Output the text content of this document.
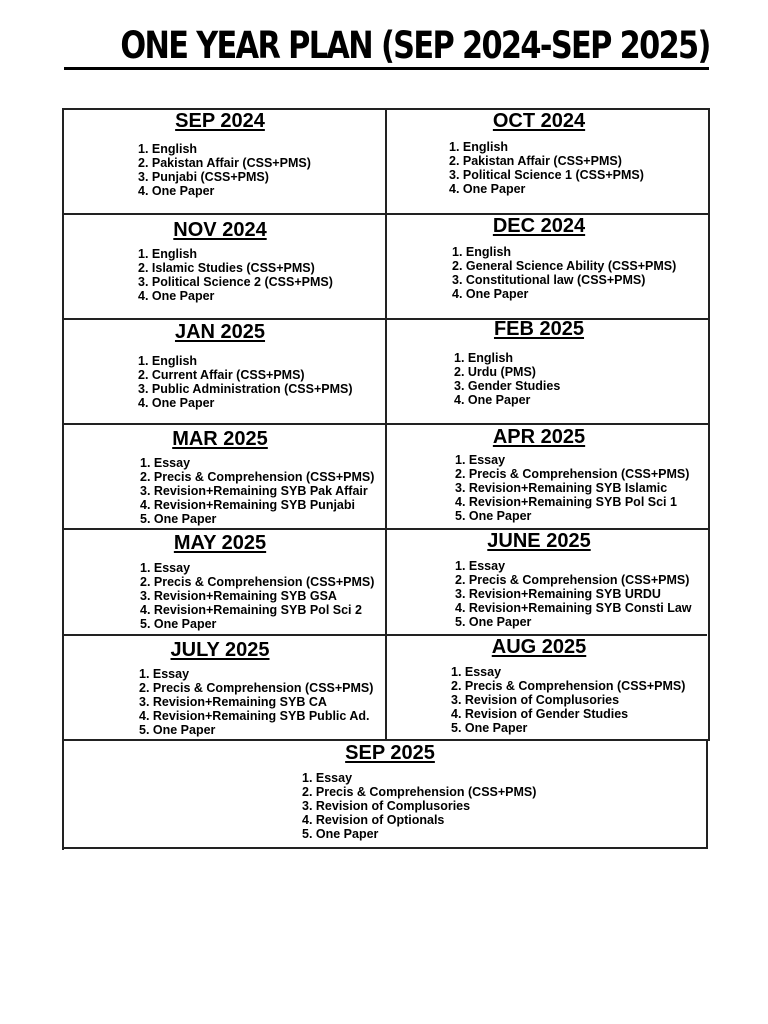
ONE YEAR PLAN (SEP 2024-SEP 2025)
SEP 2024
1. English
2. Pakistan Affair (CSS+PMS)
3. Punjabi (CSS+PMS)
4. One Paper
OCT 2024
1. English
2. Pakistan Affair (CSS+PMS)
3. Political Science 1 (CSS+PMS)
4. One Paper
NOV 2024
1. English
2. Islamic Studies (CSS+PMS)
3. Political Science 2 (CSS+PMS)
4. One Paper
DEC 2024
1. English
2. General Science Ability (CSS+PMS)
3. Constitutional law (CSS+PMS)
4. One Paper
JAN 2025
1. English
2. Current Affair (CSS+PMS)
3. Public Administration (CSS+PMS)
4. One Paper
FEB 2025
1. English
2. Urdu (PMS)
3. Gender Studies
4. One Paper
MAR 2025
1. Essay
2. Precis & Comprehension (CSS+PMS)
3. Revision+Remaining SYB Pak Affair
4. Revision+Remaining SYB Punjabi
5. One Paper
APR 2025
1. Essay
2. Precis & Comprehension (CSS+PMS)
3. Revision+Remaining SYB Islamic
4. Revision+Remaining SYB Pol Sci 1
5. One Paper
MAY 2025
1. Essay
2. Precis & Comprehension (CSS+PMS)
3. Revision+Remaining SYB GSA
4. Revision+Remaining SYB Pol Sci 2
5. One Paper
JUNE 2025
1. Essay
2. Precis & Comprehension (CSS+PMS)
3. Revision+Remaining SYB URDU
4. Revision+Remaining SYB Consti Law
5. One Paper
JULY 2025
1. Essay
2. Precis & Comprehension (CSS+PMS)
3. Revision+Remaining SYB CA
4. Revision+Remaining SYB Public Ad.
5. One Paper
AUG 2025
1. Essay
2. Precis & Comprehension (CSS+PMS)
3. Revision of Complusories
4. Revision of Gender Studies
5. One Paper
SEP 2025
1. Essay
2. Precis & Comprehension (CSS+PMS)
3. Revision of Complusories
4. Revision of Optionals
5. One Paper
